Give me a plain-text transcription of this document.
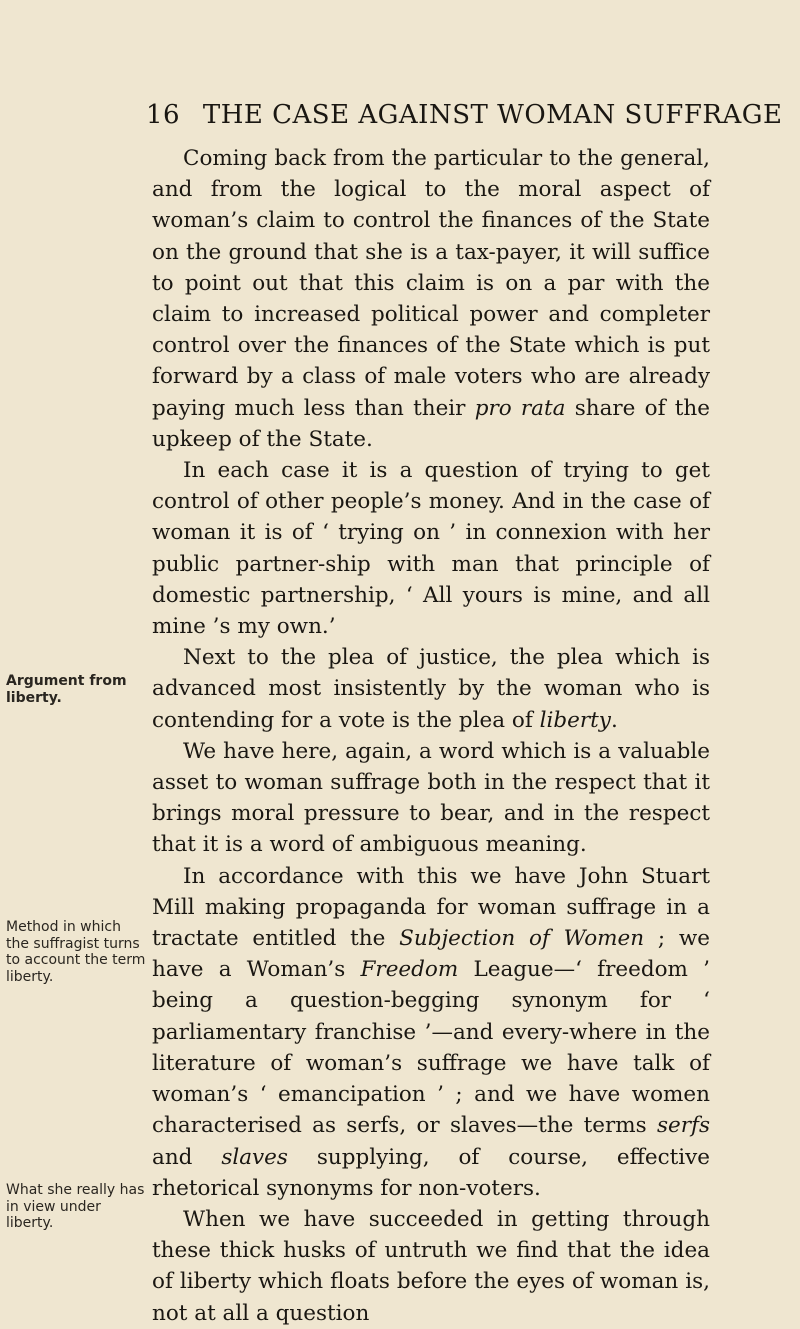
16 THE CASE AGAINST WOMAN SUFFRAGE
Argument from liberty.
Method in which the suffragist turns to account the term liberty.
What she really has in view under liberty.

Coming back from the particular to the general, and from the logical to the moral aspect of woman’s claim to control the finances of the State on the ground that she is a tax-payer, it will suffice to point out that this claim is on a par with the claim to increased political power and completer control over the finances of the State which is put forward by a class of male voters who are already paying much less than their pro rata share of the upkeep of the State.

In each case it is a question of trying to get control of other people’s money. And in the case of woman it is of ‘ trying on ’ in connexion with her public partner-ship with man that principle of domestic partnership, ‘ All yours is mine, and all mine ’s my own.’

Next to the plea of justice, the plea which is advanced most insistently by the woman who is contending for a vote is the plea of liberty.

We have here, again, a word which is a valuable asset to woman suffrage both in the respect that it brings moral pressure to bear, and in the respect that it is a word of ambiguous meaning.

In accordance with this we have John Stuart Mill making propaganda for woman suffrage in a tractate entitled the Subjection of Women ; we have a Woman’s Freedom League—‘ freedom ’ being a question-begging synonym for ‘ parliamentary franchise ’—and every-where in the literature of woman’s suffrage we have talk of woman’s ‘ emancipation ’ ; and we have women characterised as serfs, or slaves—the terms serfs and slaves supplying, of course, effective rhetorical synonyms for non-voters.

When we have succeeded in getting through these thick husks of untruth we find that the idea of liberty which floats before the eyes of woman is, not at all a question
